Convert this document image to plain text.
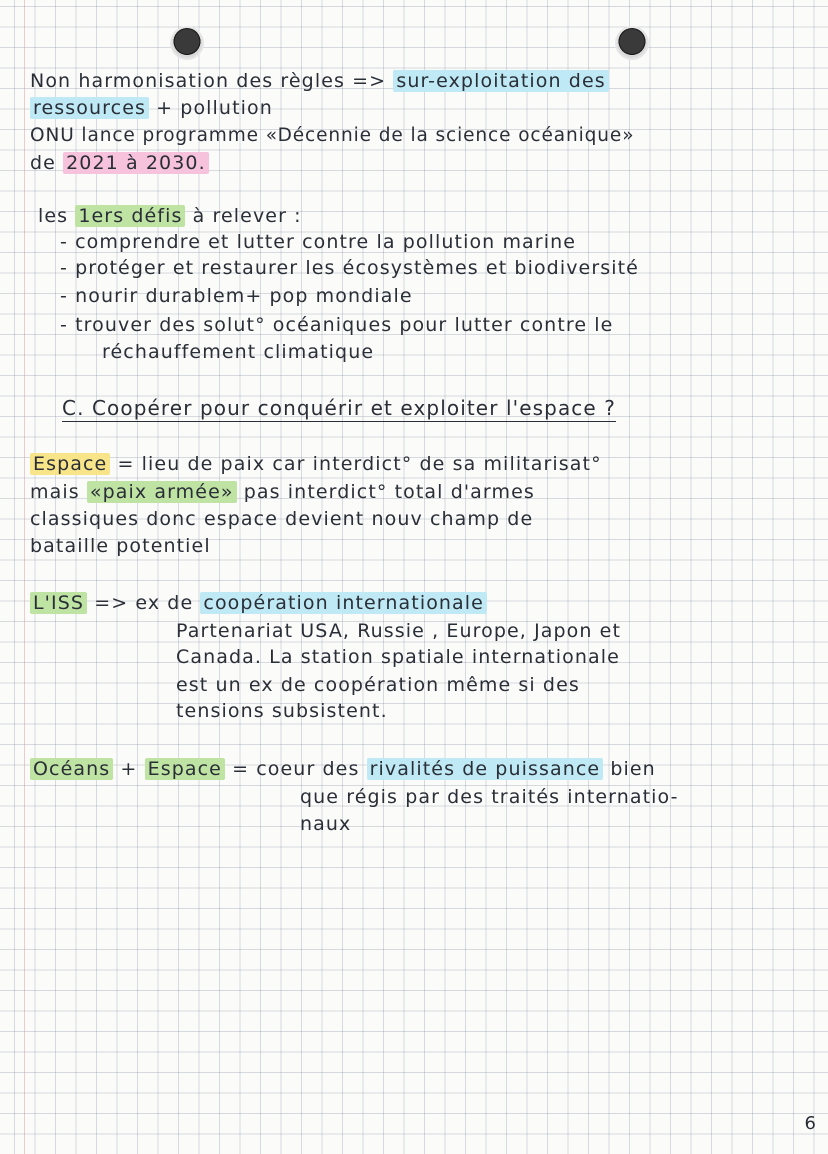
Non harmonisation des règles => sur-exploitation des
ressources + pollution
ONU lance programme «Décennie de la science océanique»
de 2021 à 2030.
les 1ers défis à relever :
- comprendre et lutter contre la pollution marine
- protéger et restaurer les écosystèmes et biodiversité
- nourir durablem+ pop mondiale
- trouver des solut° océaniques pour lutter contre le
réchauffement climatique
C. Coopérer pour conquérir et exploiter l'espace ?
Espace = lieu de paix car interdict° de sa militarisat°
mais «paix armée» pas interdict° total d'armes
classiques donc espace devient nouv champ de
bataille potentiel
L'ISS => ex de coopération internationale
Partenariat USA, Russie , Europe, Japon et
Canada. La station spatiale internationale
est un ex de coopération même si des
tensions subsistent.
Océans + Espace = coeur des rivalités de puissance bien
que régis par des traités internatio-
naux
6
